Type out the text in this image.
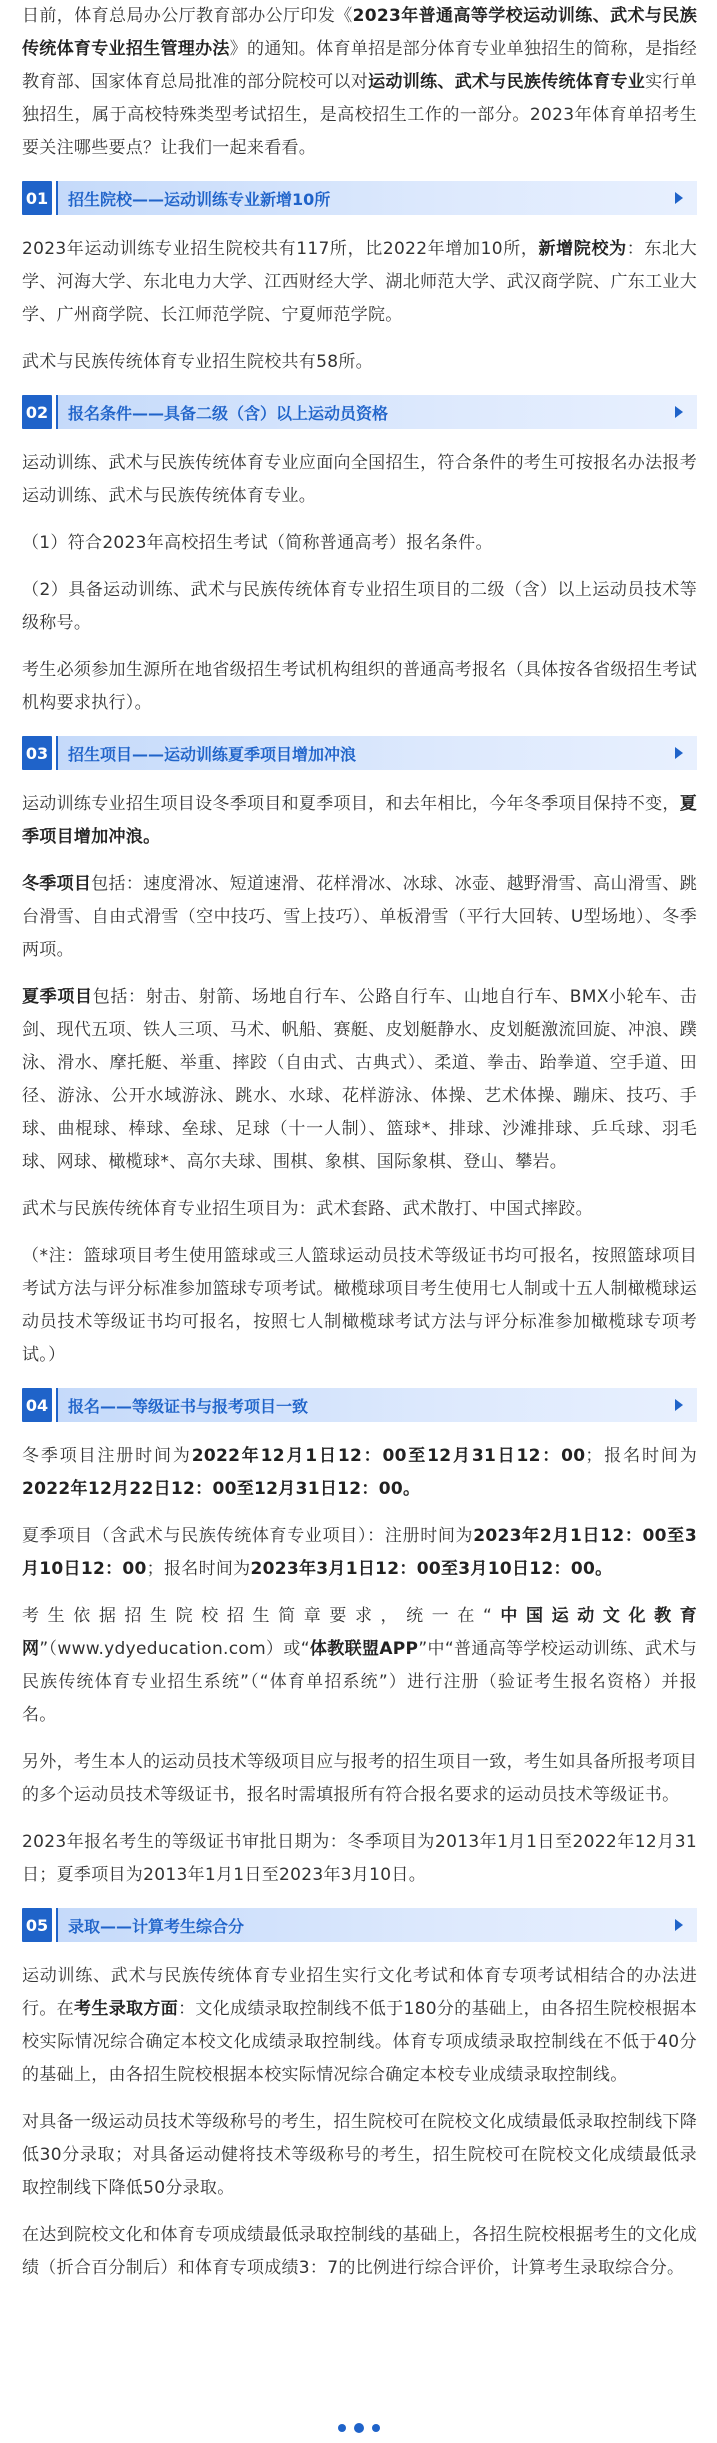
日前，体育总局办公厅教育部办公厅印发《2023年普通高等学校运动训练、武术与民族传统体育专业招生管理办法》的通知。体育单招是部分体育专业单独招生的简称，是指经教育部、国家体育总局批准的部分院校可以对运动训练、武术与民族传统体育专业实行单独招生，属于高校特殊类型考试招生，是高校招生工作的一部分。2023年体育单招考生要关注哪些要点？让我们一起来看看。

01 招生院校——运动训练专业新增10所

2023年运动训练专业招生院校共有117所，比2022年增加10所，新增院校为：东北大学、河海大学、东北电力大学、江西财经大学、湖北师范大学、武汉商学院、广东工业大学、广州商学院、长江师范学院、宁夏师范学院。

武术与民族传统体育专业招生院校共有58所。

02 报名条件——具备二级（含）以上运动员资格

运动训练、武术与民族传统体育专业应面向全国招生，符合条件的考生可按报名办法报考运动训练、武术与民族传统体育专业。

（1）符合2023年高校招生考试（简称普通高考）报名条件。

（2）具备运动训练、武术与民族传统体育专业招生项目的二级（含）以上运动员技术等级称号。

考生必须参加生源所在地省级招生考试机构组织的普通高考报名（具体按各省级招生考试机构要求执行）。

03 招生项目——运动训练夏季项目增加冲浪

运动训练专业招生项目设冬季项目和夏季项目，和去年相比，今年冬季项目保持不变，夏季项目增加冲浪。

冬季项目包括：速度滑冰、短道速滑、花样滑冰、冰球、冰壶、越野滑雪、高山滑雪、跳台滑雪、自由式滑雪（空中技巧、雪上技巧）、单板滑雪（平行大回转、U型场地）、冬季两项。

夏季项目包括：射击、射箭、场地自行车、公路自行车、山地自行车、BMX小轮车、击剑、现代五项、铁人三项、马术、帆船、赛艇、皮划艇静水、皮划艇激流回旋、冲浪、蹼泳、滑水、摩托艇、举重、摔跤（自由式、古典式）、柔道、拳击、跆拳道、空手道、田径、游泳、公开水域游泳、跳水、水球、花样游泳、体操、艺术体操、蹦床、技巧、手球、曲棍球、棒球、垒球、足球（十一人制）、篮球*、排球、沙滩排球、乒乓球、羽毛球、网球、橄榄球*、高尔夫球、围棋、象棋、国际象棋、登山、攀岩。

武术与民族传统体育专业招生项目为：武术套路、武术散打、中国式摔跤。

（*注：篮球项目考生使用篮球或三人篮球运动员技术等级证书均可报名，按照篮球项目考试方法与评分标准参加篮球专项考试。橄榄球项目考生使用七人制或十五人制橄榄球运动员技术等级证书均可报名，按照七人制橄榄球考试方法与评分标准参加橄榄球专项考试。）

04 报名——等级证书与报考项目一致

冬季项目注册时间为2022年12月1日12：00至12月31日12：00；报名时间为2022年12月22日12：00至12月31日12：00。

夏季项目（含武术与民族传统体育专业项目）：注册时间为2023年2月1日12：00至3月10日12：00；报名时间为2023年3月1日12：00至3月10日12：00。

考生依据招生院校招生简章要求，统一在“中国运动文化教育网”（www.ydyeducation.com）或“体教联盟APP”中“普通高等学校运动训练、武术与民族传统体育专业招生系统”（“体育单招系统”）进行注册（验证考生报名资格）并报名。

另外，考生本人的运动员技术等级项目应与报考的招生项目一致，考生如具备所报考项目的多个运动员技术等级证书，报名时需填报所有符合报名要求的运动员技术等级证书。

2023年报名考生的等级证书审批日期为：冬季项目为2013年1月1日至2022年12月31日；夏季项目为2013年1月1日至2023年3月10日。

05 录取——计算考生综合分

运动训练、武术与民族传统体育专业招生实行文化考试和体育专项考试相结合的办法进行。在考生录取方面：文化成绩录取控制线不低于180分的基础上，由各招生院校根据本校实际情况综合确定本校文化成绩录取控制线。体育专项成绩录取控制线在不低于40分的基础上，由各招生院校根据本校实际情况综合确定本校专业成绩录取控制线。

对具备一级运动员技术等级称号的考生，招生院校可在院校文化成绩最低录取控制线下降低30分录取；对具备运动健将技术等级称号的考生，招生院校可在院校文化成绩最低录取控制线下降低50分录取。

在达到院校文化和体育专项成绩最低录取控制线的基础上，各招生院校根据考生的文化成绩（折合百分制后）和体育专项成绩3：7的比例进行综合评价，计算考生录取综合分。
